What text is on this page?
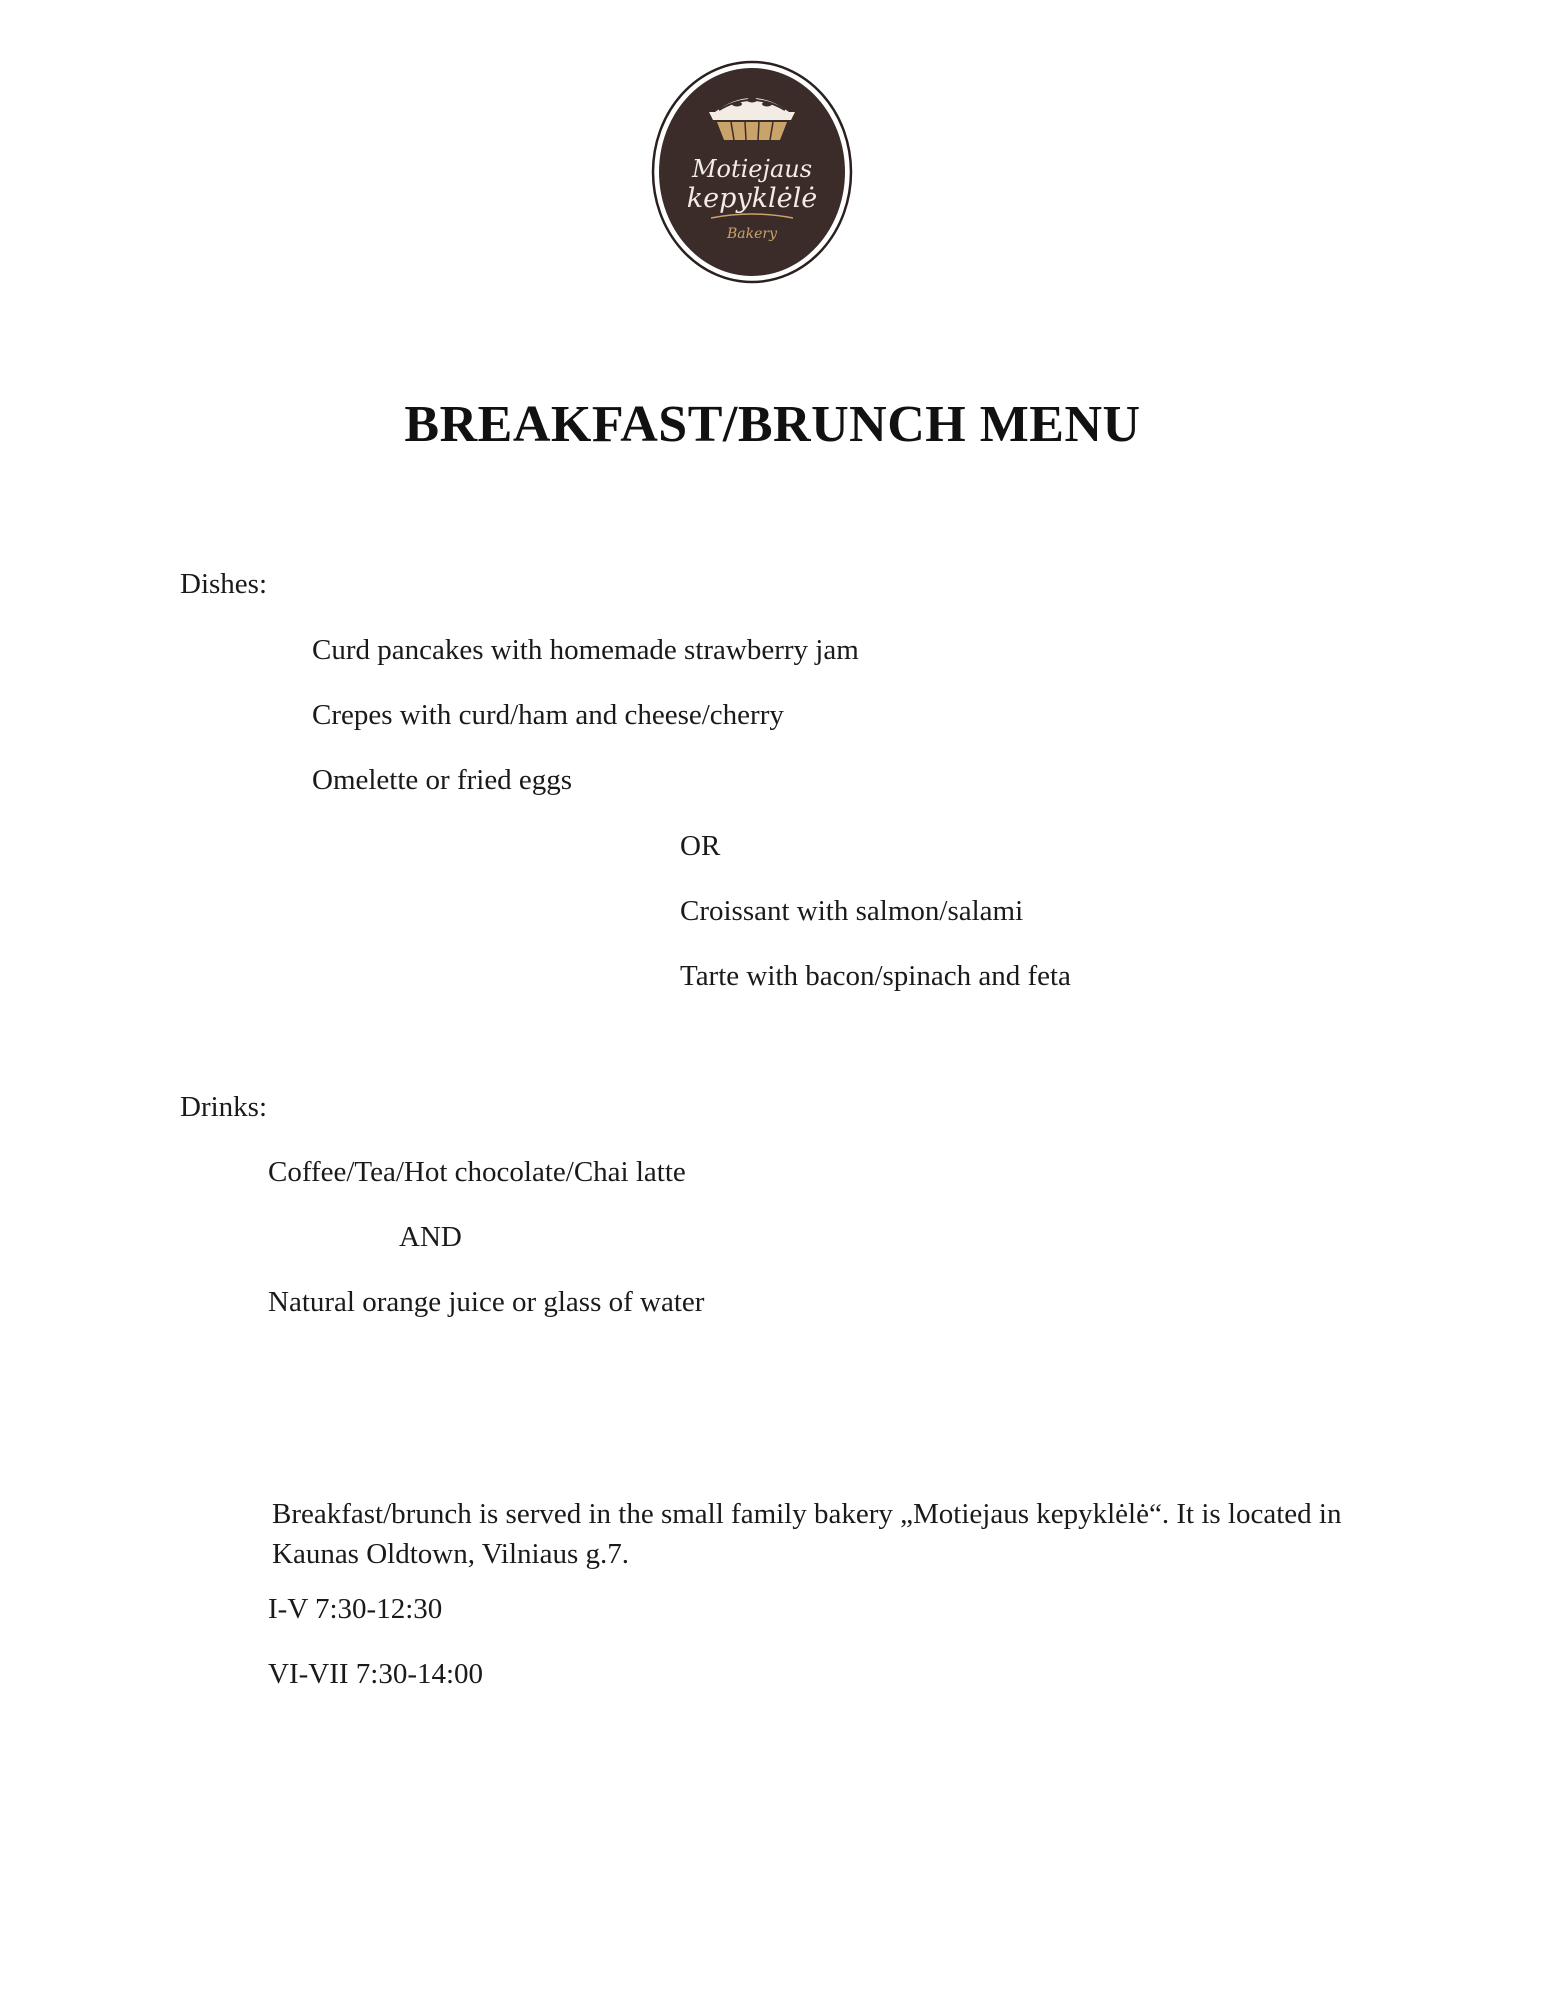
Motiejaus
kepyklėlė
Bakery
BREAKFAST/BRUNCH MENU
Dishes:
Curd pancakes with homemade strawberry jam
Crepes with curd/ham and cheese/cherry
Omelette or fried eggs
OR
Croissant with salmon/salami
Tarte with bacon/spinach and feta
Drinks:
Coffee/Tea/Hot chocolate/Chai latte
AND
Natural orange juice or glass of water
Breakfast/brunch is served in the small family bakery „Motiejaus kepyklėlė“. It is located in Kaunas Oldtown, Vilniaus g.7.
I-V 7:30-12:30
VI-VII 7:30-14:00
